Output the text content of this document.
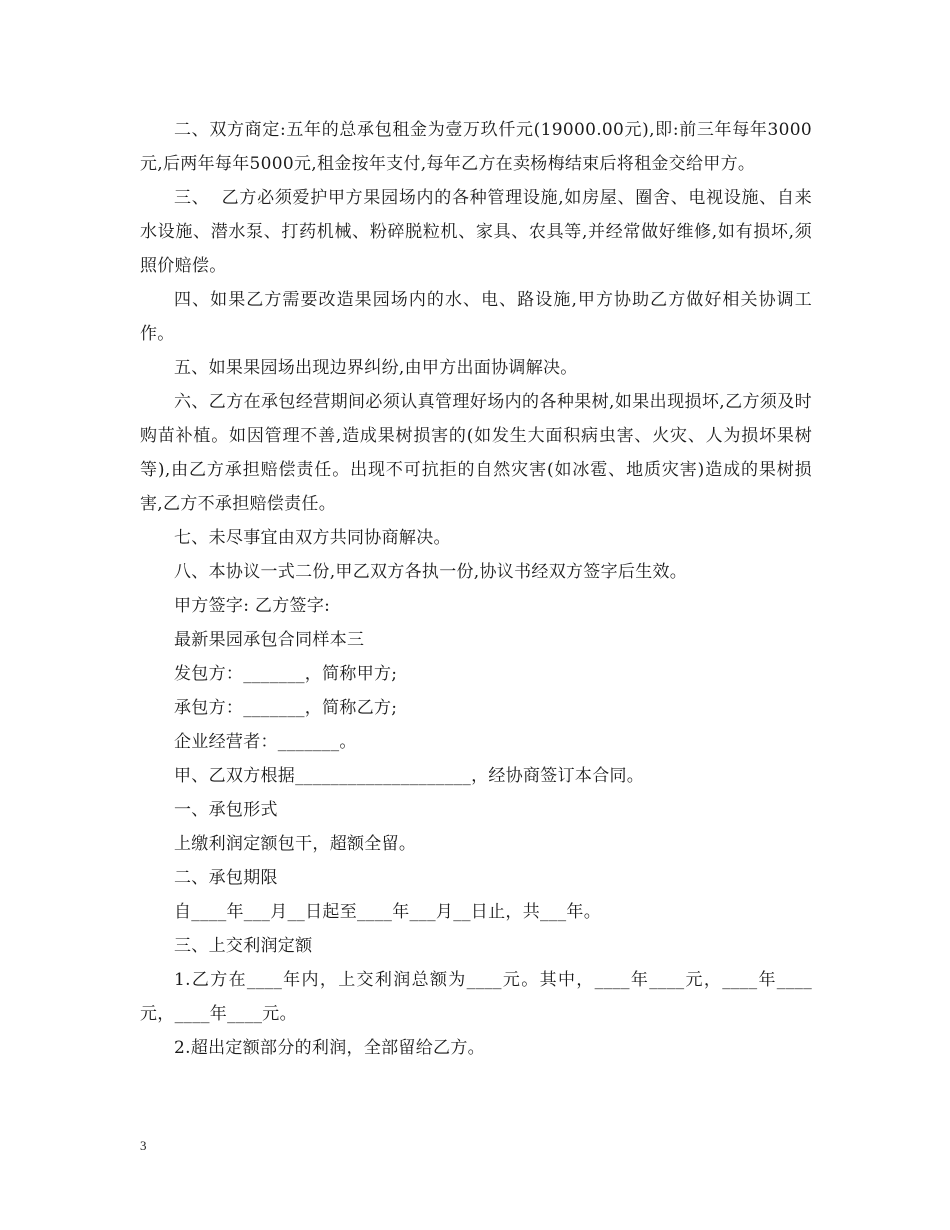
二、双方商定:五年的总承包租金为壹万玖仟元(19000.00元),即:前三年每年3000元,后两年每年5000元,租金按年支付,每年乙方在卖杨梅结束后将租金交给甲方。

三、  乙方必须爱护甲方果园场内的各种管理设施,如房屋、圈舍、电视设施、自来水设施、潜水泵、打药机械、粉碎脱粒机、家具、农具等,并经常做好维修,如有损坏,须照价赔偿。

四、如果乙方需要改造果园场内的水、电、路设施,甲方协助乙方做好相关协调工作。

五、如果果园场出现边界纠纷,由甲方出面协调解决。

六、乙方在承包经营期间必须认真管理好场内的各种果树,如果出现损坏,乙方须及时购苗补植。如因管理不善,造成果树损害的(如发生大面积病虫害、火灾、人为损坏果树等),由乙方承担赔偿责任。出现不可抗拒的自然灾害(如冰雹、地质灾害)造成的果树损害,乙方不承担赔偿责任。

七、未尽事宜由双方共同协商解决。

八、本协议一式二份,甲乙双方各执一份,协议书经双方签字后生效。

甲方签字: 乙方签字:

最新果园承包合同样本三

发包方：_______，简称甲方;

承包方：_______，简称乙方;

企业经营者：_______。

甲、乙双方根据____________________，经协商签订本合同。

一、承包形式

上缴利润定额包干，超额全留。

二、承包期限

自____年___月__日起至____年___月__日止，共___年。

三、上交利润定额

1.乙方在____年内，上交利润总额为____元。其中，____年____元，____年____元，____年____元。

2.超出定额部分的利润，全部留给乙方。

3
